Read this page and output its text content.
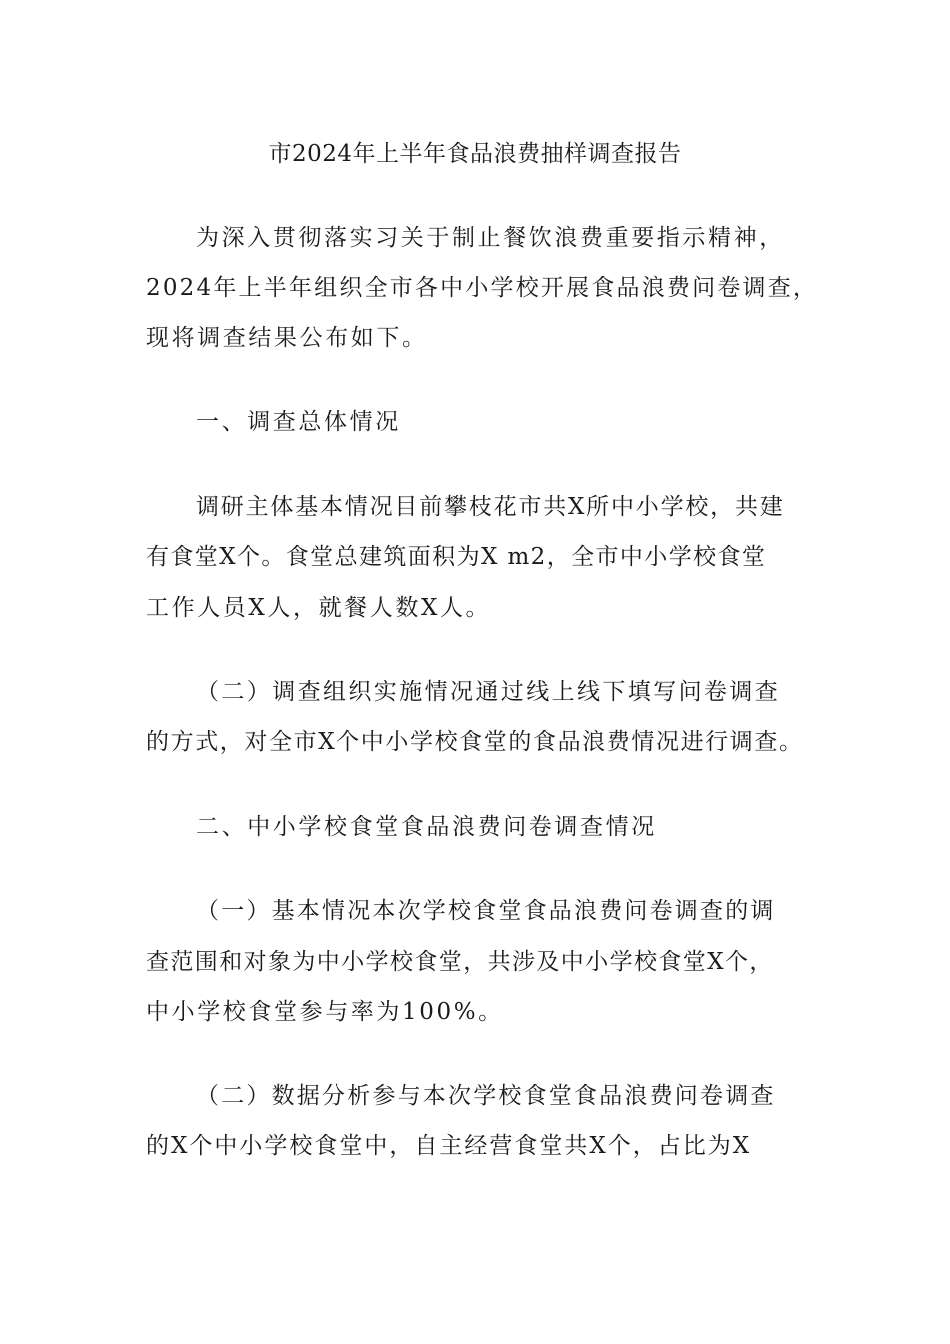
市2024年上半年食品浪费抽样调查报告
为深入贯彻落实习关于制止餐饮浪费重要指示精神，
2024年上半年组织全市各中小学校开展食品浪费问卷调查，
现将调查结果公布如下。
一、调查总体情况
调研主体基本情况目前攀枝花市共X所中小学校，共建
有食堂X个。食堂总建筑面积为X m2，全市中小学校食堂
工作人员X人，就餐人数X人。
（二）调查组织实施情况通过线上线下填写问卷调查
的方式，对全市X个中小学校食堂的食品浪费情况进行调查。
二、中小学校食堂食品浪费问卷调查情况
（一）基本情况本次学校食堂食品浪费问卷调查的调
查范围和对象为中小学校食堂，共涉及中小学校食堂X个，
中小学校食堂参与率为100%。
（二）数据分析参与本次学校食堂食品浪费问卷调查
的X个中小学校食堂中，自主经营食堂共X个，占比为X
